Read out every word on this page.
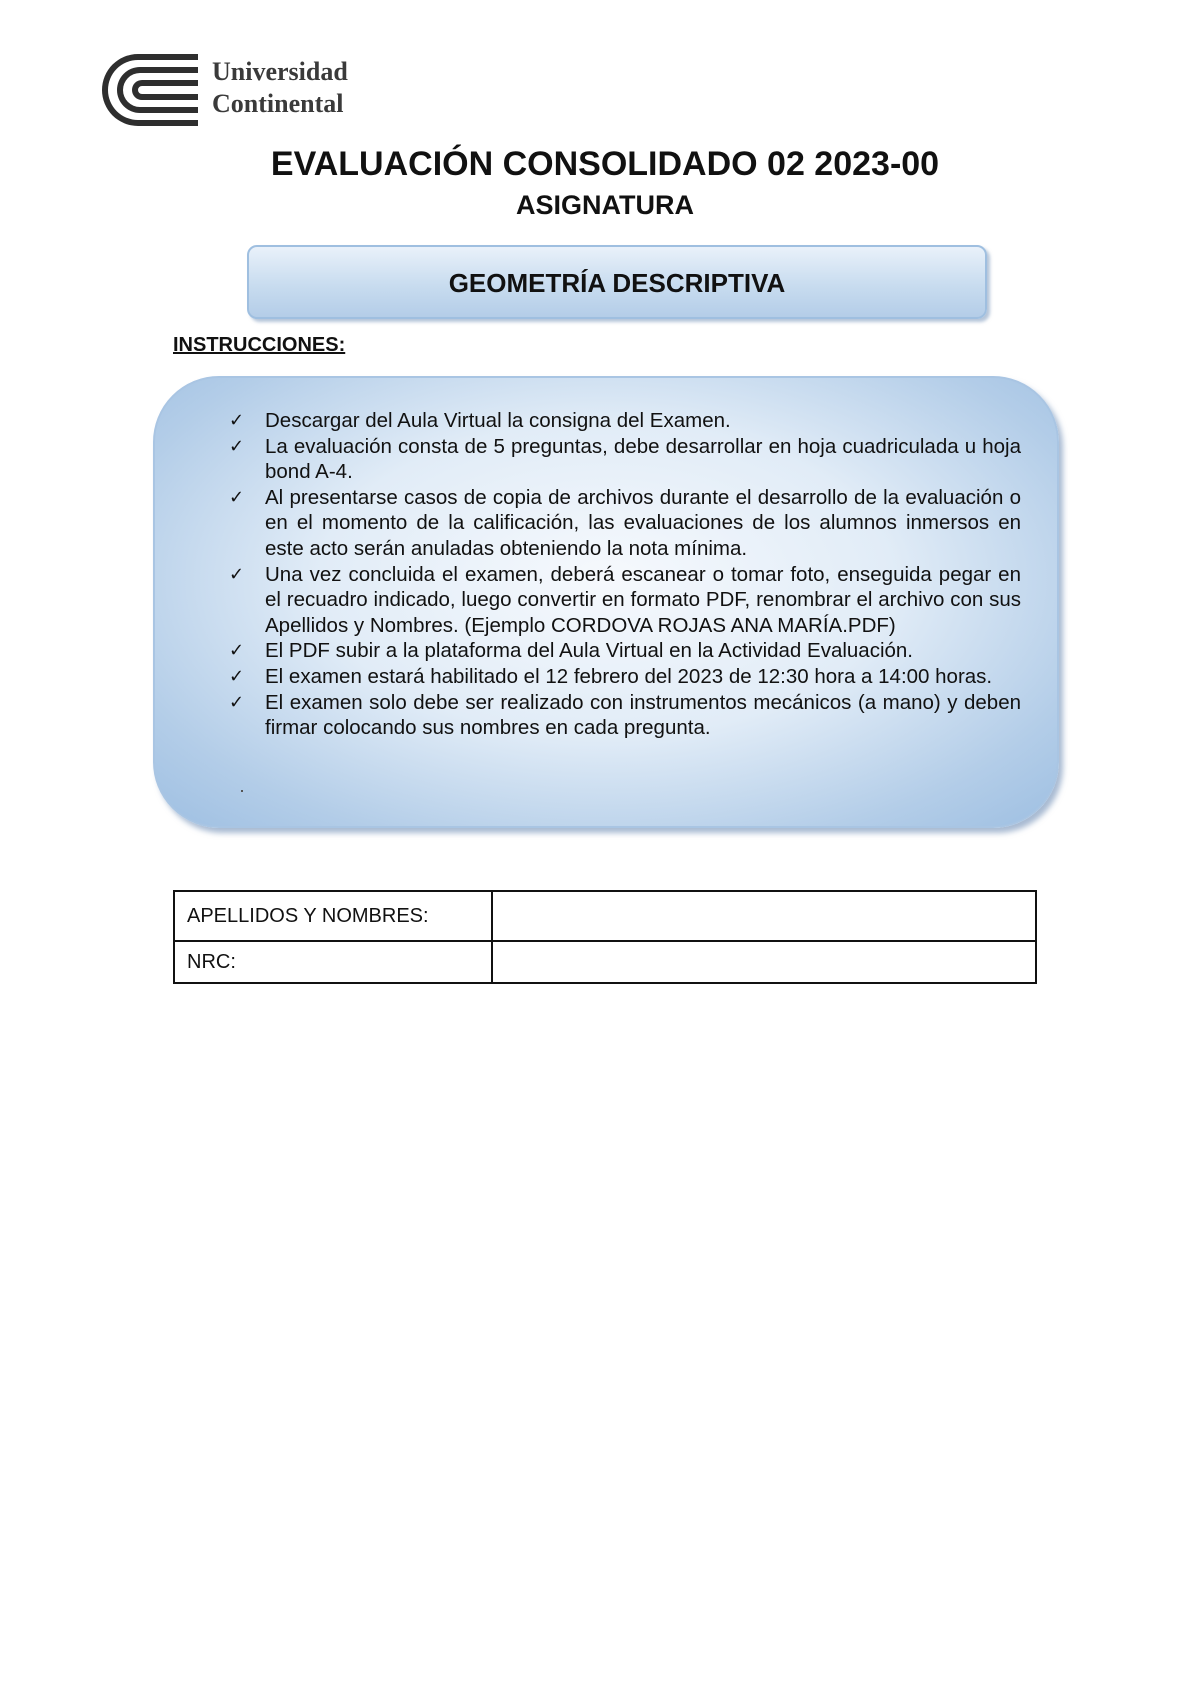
Universidad
Continental
EVALUACIÓN CONSOLIDADO 02 2023-00
ASIGNATURA
GEOMETRÍA DESCRIPTIVA
INSTRUCCIONES:
✓	Descargar del Aula Virtual la consigna del Examen.
✓	La evaluación consta de 5 preguntas, debe desarrollar en hoja cuadriculada u hoja bond A-4.
✓	Al presentarse casos de copia de archivos durante el desarrollo de la evaluación o en el momento de la calificación, las evaluaciones de los alumnos inmersos en este acto serán anuladas obteniendo la nota mínima.
✓	Una vez concluida el examen, deberá escanear o tomar foto, enseguida pegar en el recuadro indicado, luego convertir en formato PDF, renombrar el archivo con sus Apellidos y Nombres. (Ejemplo CORDOVA ROJAS ANA MARÍA.PDF)
✓	El PDF subir a la plataforma del Aula Virtual en la Actividad Evaluación.
✓	El examen estará habilitado el 12 febrero del 2023 de 12:30 hora a 14:00 horas.
✓	El examen solo debe ser realizado con instrumentos mecánicos (a mano) y deben firmar colocando sus nombres en cada pregunta.
APELLIDOS Y NOMBRES:	
NRC:	
